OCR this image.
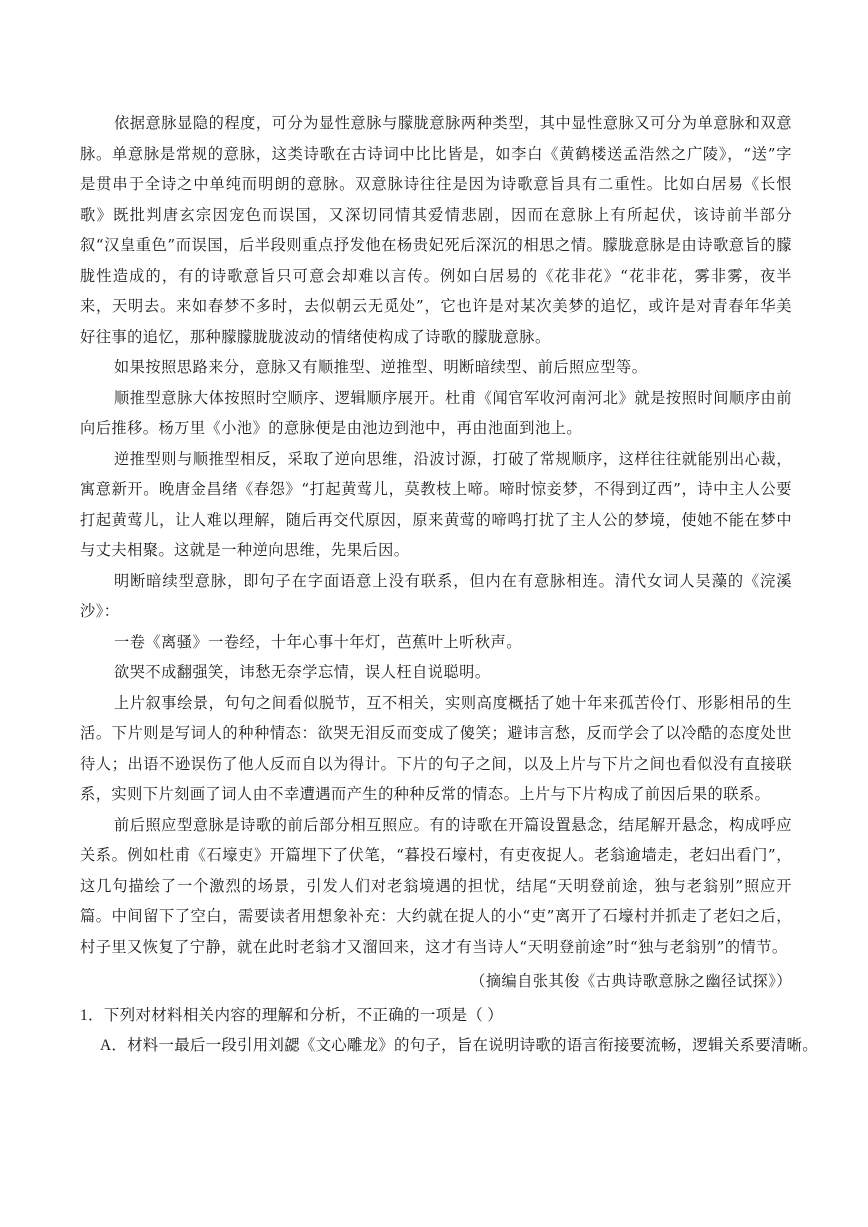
依据意脉显隐的程度，可分为显性意脉与朦胧意脉两种类型，其中显性意脉又可分为单意脉和双意脉。单意脉是常规的意脉，这类诗歌在古诗词中比比皆是，如李白《黄鹤楼送孟浩然之广陵》，“送”字是贯串于全诗之中单纯而明朗的意脉。双意脉诗往往是因为诗歌意旨具有二重性。比如白居易《长恨歌》既批判唐玄宗因宠色而误国，又深切同情其爱情悲剧，因而在意脉上有所起伏，该诗前半部分叙“汉皇重色”而误国，后半段则重点抒发他在杨贵妃死后深沉的相思之情。朦胧意脉是由诗歌意旨的朦胧性造成的，有的诗歌意旨只可意会却难以言传。例如白居易的《花非花》“花非花，雾非雾，夜半来，天明去。来如春梦不多时，去似朝云无觅处”，它也许是对某次美梦的追忆，或许是对青春年华美好往事的追忆，那种朦朦胧胧波动的情绪使构成了诗歌的朦胧意脉。

如果按照思路来分，意脉又有顺推型、逆推型、明断暗续型、前后照应型等。

顺推型意脉大体按照时空顺序、逻辑顺序展开。杜甫《闻官军收河南河北》就是按照时间顺序由前向后推移。杨万里《小池》的意脉便是由池边到池中，再由池面到池上。

逆推型则与顺推型相反，采取了逆向思维，沿波讨源，打破了常规顺序，这样往往就能别出心裁，寓意新开。晚唐金昌绪《春怨》“打起黄莺儿，莫教枝上啼。啼时惊妾梦，不得到辽西”，诗中主人公要打起黄莺儿，让人难以理解，随后再交代原因，原来黄莺的啼鸣打扰了主人公的梦境，使她不能在梦中与丈夫相聚。这就是一种逆向思维，先果后因。

明断暗续型意脉，即句子在字面语意上没有联系，但内在有意脉相连。清代女词人吴藻的《浣溪沙》：

一卷《离骚》一卷经，十年心事十年灯，芭蕉叶上听秋声。

欲哭不成翻强笑，讳愁无奈学忘情，误人枉自说聪明。

上片叙事绘景，句句之间看似脱节，互不相关，实则高度概括了她十年来孤苦伶仃、形影相吊的生活。下片则是写词人的种种情态：欲哭无泪反而变成了傻笑；避讳言愁，反而学会了以冷酷的态度处世待人；出语不逊误伤了他人反而自以为得计。下片的句子之间，以及上片与下片之间也看似没有直接联系，实则下片刻画了词人由不幸遭遇而产生的种种反常的情态。上片与下片构成了前因后果的联系。

前后照应型意脉是诗歌的前后部分相互照应。有的诗歌在开篇设置悬念，结尾解开悬念，构成呼应关系。例如杜甫《石壕吏》开篇埋下了伏笔，“暮投石壕村，有吏夜捉人。老翁逾墙走，老妇出看门”，这几句描绘了一个激烈的场景，引发人们对老翁境遇的担忧，结尾“天明登前途，独与老翁别”照应开篇。中间留下了空白，需要读者用想象补充：大约就在捉人的小“吏”离开了石壕村并抓走了老妇之后，村子里又恢复了宁静，就在此时老翁才又溜回来，这才有当诗人“天明登前途”时“独与老翁别”的情节。

（摘编自张其俊《古典诗歌意脉之幽径试探》）

1．下列对材料相关内容的理解和分析，不正确的一项是（ ）

A．材料一最后一段引用刘勰《文心雕龙》的句子，旨在说明诗歌的语言衔接要流畅，逻辑关系要清晰。
